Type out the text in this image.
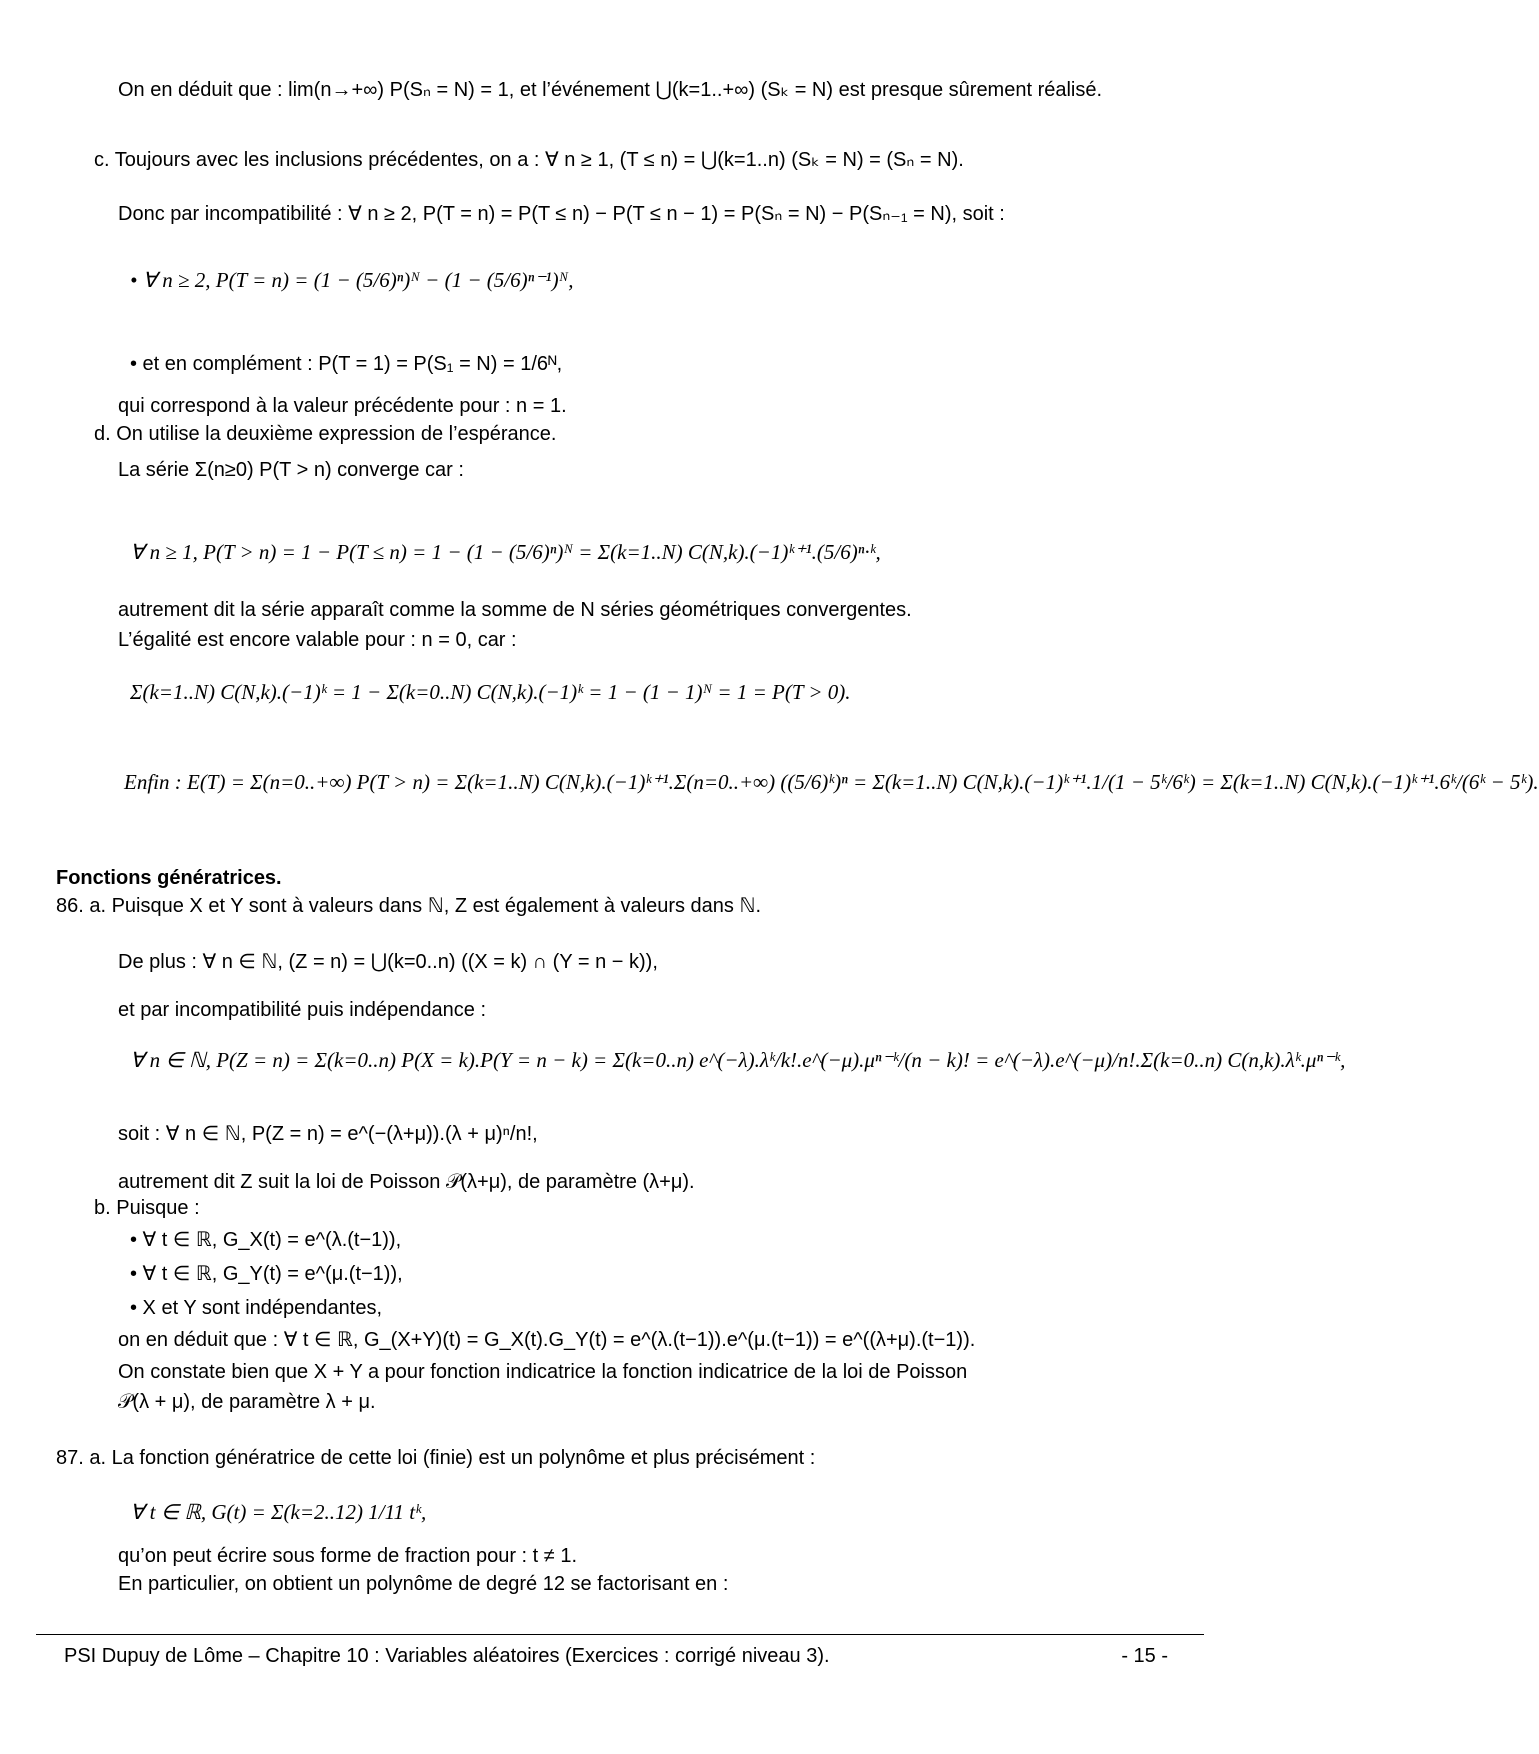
On en déduit que : lim(n→+∞) P(Sₙ = N) = 1, et l’événement ⋃(k=1..+∞) (Sₖ = N) est presque sûrement réalisé.
c. Toujours avec les inclusions précédentes, on a : ∀ n ≥ 1, (T ≤ n) = ⋃(k=1..n) (Sₖ = N) = (Sₙ = N).
Donc par incompatibilité : ∀ n ≥ 2, P(T = n) = P(T ≤ n) − P(T ≤ n − 1) = P(Sₙ = N) − P(Sₙ₋₁ = N), soit :
• ∀ n ≥ 2, P(T = n) = (1 − (5/6)ⁿ)ᴺ − (1 − (5/6)ⁿ⁻¹)ᴺ,
• et en complément : P(T = 1) = P(S₁ = N) = 1/6ᴺ,
qui correspond à la valeur précédente pour : n = 1.
d. On utilise la deuxième expression de l’espérance.
La série Σ(n≥0) P(T > n) converge car :
∀ n ≥ 1, P(T > n) = 1 − P(T ≤ n) = 1 − (1 − (5/6)ⁿ)ᴺ = Σ(k=1..N) C(N,k).(−1)ᵏ⁺¹.(5/6)ⁿ·ᵏ,
autrement dit la série apparaît comme la somme de N séries géométriques convergentes.
L’égalité est encore valable pour : n = 0, car :
Σ(k=1..N) C(N,k).(−1)ᵏ = 1 − Σ(k=0..N) C(N,k).(−1)ᵏ = 1 − (1 − 1)ᴺ = 1 = P(T > 0).
Enfin : E(T) = Σ(n=0..+∞) P(T > n) = Σ(k=1..N) C(N,k).(−1)ᵏ⁺¹.Σ(n=0..+∞) ((5/6)ᵏ)ⁿ = Σ(k=1..N) C(N,k).(−1)ᵏ⁺¹.1/(1 − 5ᵏ/6ᵏ) = Σ(k=1..N) C(N,k).(−1)ᵏ⁺¹.6ᵏ/(6ᵏ − 5ᵏ).
Fonctions génératrices.
86. a. Puisque X et Y sont à valeurs dans ℕ, Z est également à valeurs dans ℕ.
De plus : ∀ n ∈ ℕ, (Z = n) = ⋃(k=0..n) ((X = k) ∩ (Y = n − k)),
et par incompatibilité puis indépendance :
∀ n ∈ ℕ, P(Z = n) = Σ(k=0..n) P(X = k).P(Y = n − k) = Σ(k=0..n) e^(−λ).λᵏ/k!.e^(−μ).μⁿ⁻ᵏ/(n − k)! = e^(−λ).e^(−μ)/n!.Σ(k=0..n) C(n,k).λᵏ.μⁿ⁻ᵏ,
soit : ∀ n ∈ ℕ, P(Z = n) = e^(−(λ+μ)).(λ + μ)ⁿ/n!,
autrement dit Z suit la loi de Poisson 𝒫(λ+μ), de paramètre (λ+μ).
b. Puisque :
• ∀ t ∈ ℝ, G_X(t) = e^(λ.(t−1)),
• ∀ t ∈ ℝ, G_Y(t) = e^(μ.(t−1)),
• X et Y sont indépendantes,
on en déduit que : ∀ t ∈ ℝ, G_(X+Y)(t) = G_X(t).G_Y(t) = e^(λ.(t−1)).e^(μ.(t−1)) = e^((λ+μ).(t−1)).
On constate bien que X + Y a pour fonction indicatrice la fonction indicatrice de la loi de Poisson
𝒫(λ + μ), de paramètre λ + μ.
87. a. La fonction génératrice de cette loi (finie) est un polynôme et plus précisément :
∀ t ∈ ℝ, G(t) = Σ(k=2..12) 1/11 tᵏ,
qu’on peut écrire sous forme de fraction pour : t ≠ 1.
En particulier, on obtient un polynôme de degré 12 se factorisant en :
PSI Dupuy de Lôme – Chapitre 10 : Variables aléatoires (Exercices : corrigé niveau 3).	- 15 -
